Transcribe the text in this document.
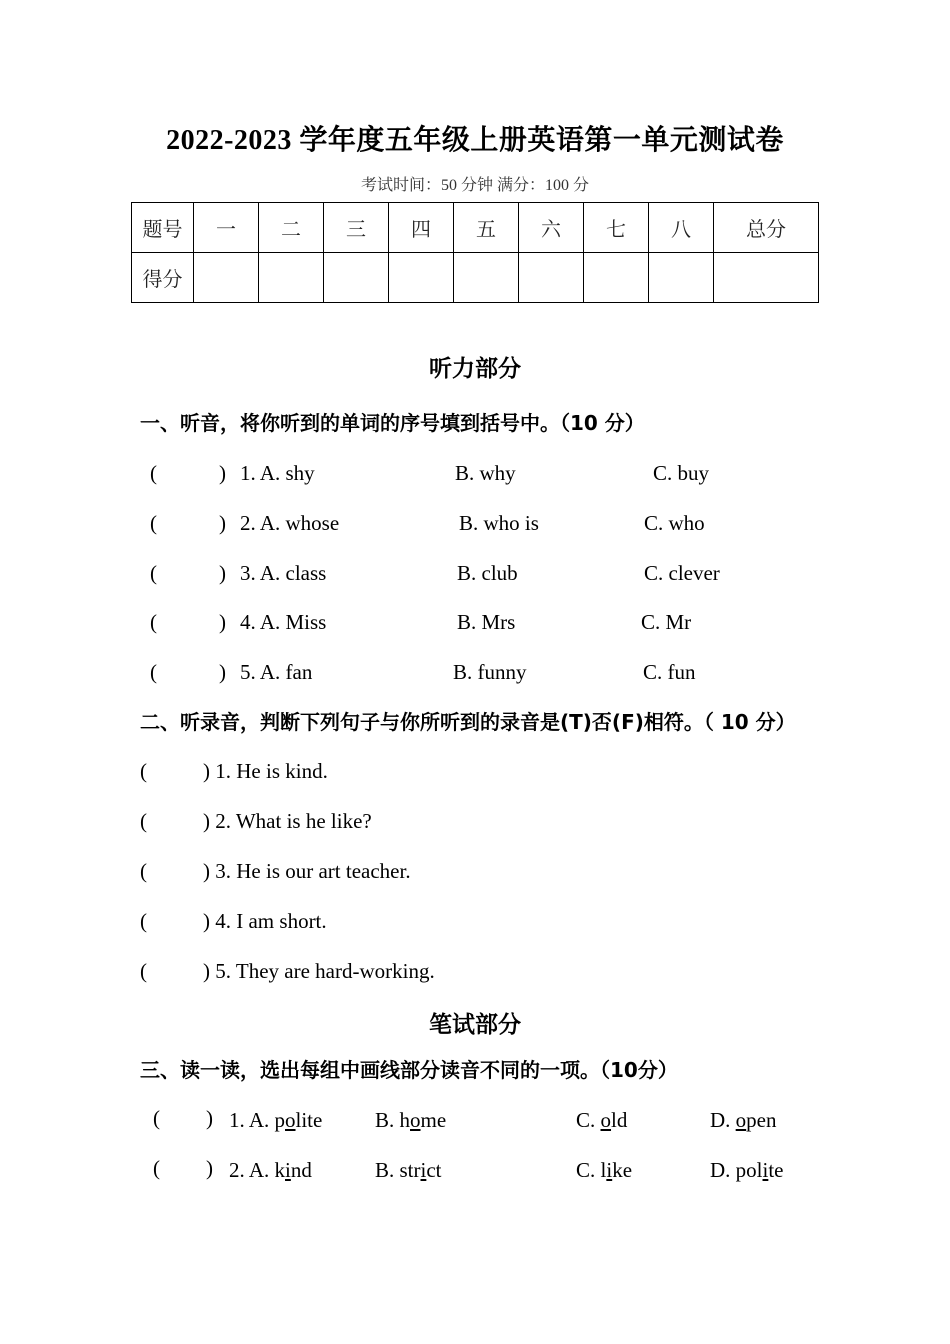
2022-2023 学年度五年级上册英语第一单元测试卷
考试时间：50 分钟 满分：100 分
题号	一	二	三	四	五	六	七	八	总分
得分									
听力部分
一、听音，将你听到的单词的序号填到括号中。（10 分）
(	) 1. A. shy	B. why	C. buy
(	) 2. A. whose	B. who is	C. who
(	) 3. A. class	B. club	C. clever
(	) 4. A. Miss	B. Mrs	C. Mr
(	) 5. A. fan	B. funny	C. fun
二、听录音，判断下列句子与你所听到的录音是(T)否(F)相符。（ 10 分）
(	) 1. He is kind.
(	) 2. What is he like?
(	) 3. He is our art teacher.
(	) 4. I am short.
(	) 5. They are hard-working.
笔试部分
三、读一读，选出每组中画线部分读音不同的一项。（10分）
( ) 1. A. polite	B. home	C. old	D. open
( ) 2. A. kind	B. strict	C. like	D. polite
